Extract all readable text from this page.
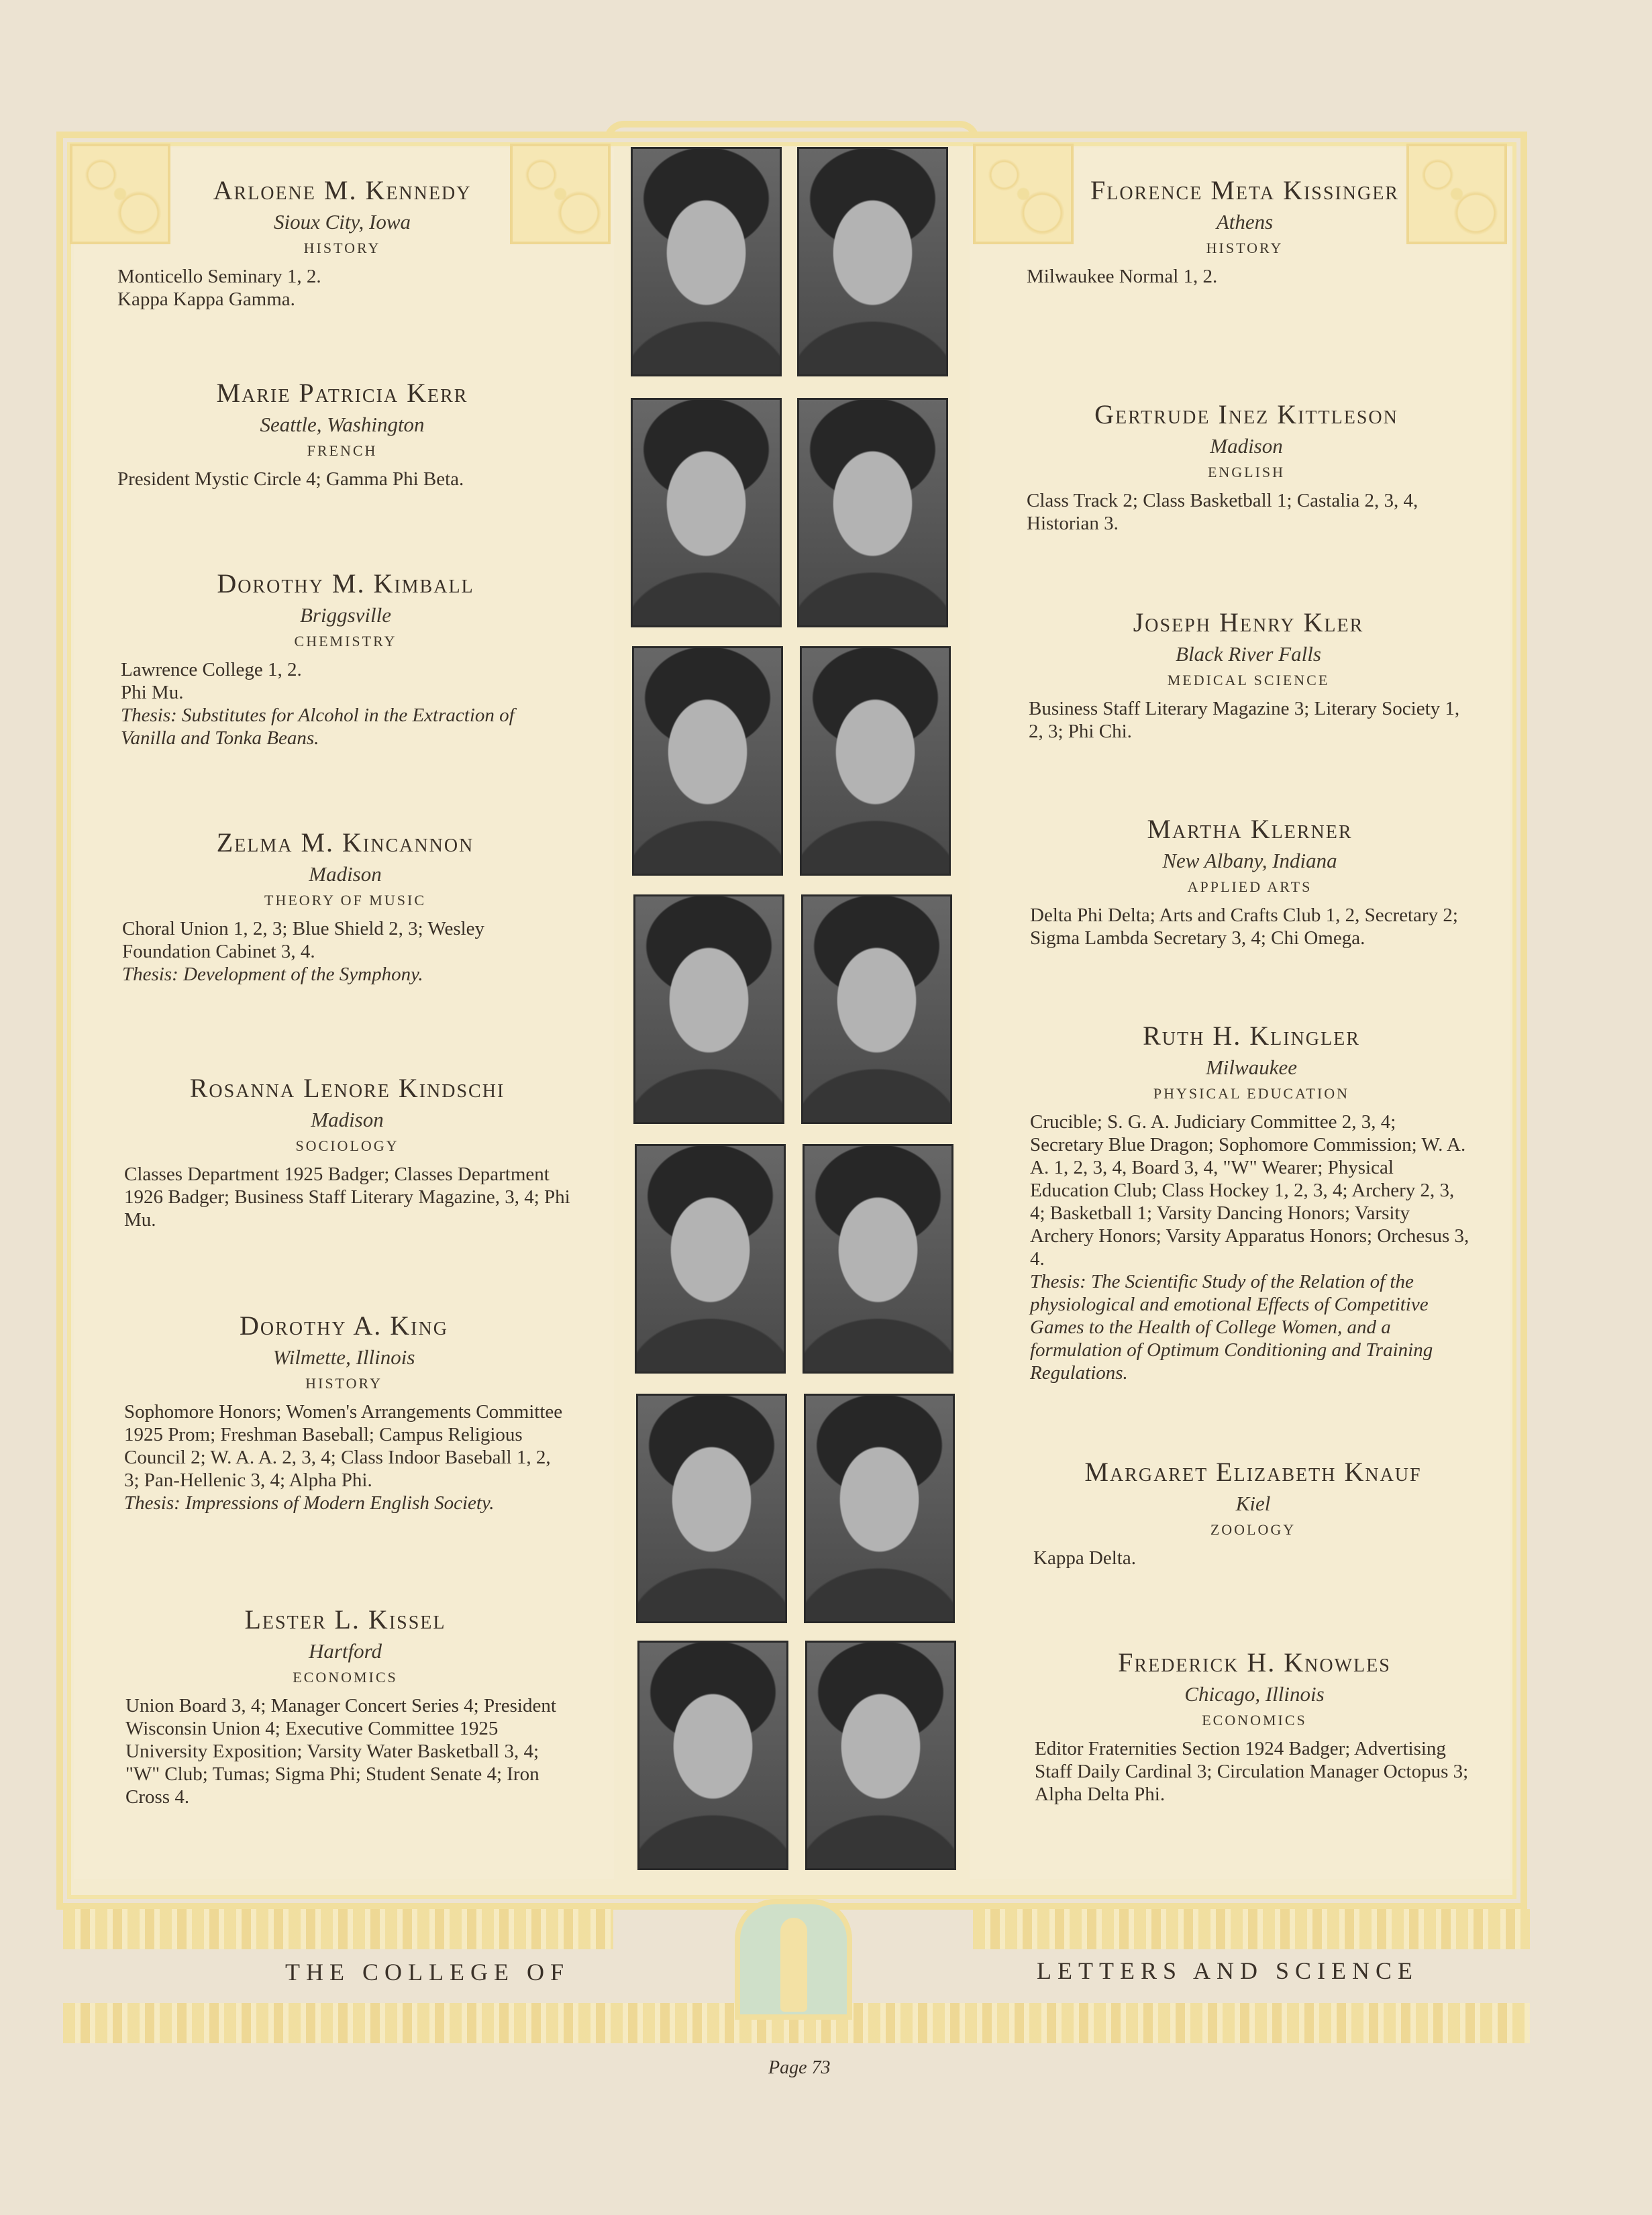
Arloene M. Kennedy
Sioux City, Iowa
HISTORY
Monticello Seminary 1, 2.
Kappa Kappa Gamma.
Marie Patricia Kerr
Seattle, Washington
FRENCH
President Mystic Circle 4; Gamma Phi Beta.
Dorothy M. Kimball
Briggsville
CHEMISTRY
Lawrence College 1, 2.
Phi Mu.
Thesis: Substitutes for Alcohol in the Extraction of Vanilla and Tonka Beans.
Zelma M. Kincannon
Madison
THEORY OF MUSIC
Choral Union 1, 2, 3; Blue Shield 2, 3; Wesley Foundation Cabinet 3, 4.
Thesis: Development of the Symphony.
Rosanna Lenore Kindschi
Madison
SOCIOLOGY
Classes Department 1925 Badger; Classes Department 1926 Badger; Business Staff Literary Magazine, 3, 4; Phi Mu.
Dorothy A. King
Wilmette, Illinois
HISTORY
Sophomore Honors; Women's Arrangements Committee 1925 Prom; Freshman Baseball; Campus Religious Council 2; W. A. A. 2, 3, 4; Class Indoor Baseball 1, 2, 3; Pan-Hellenic 3, 4; Alpha Phi.
Thesis: Impressions of Modern English Society.
Lester L. Kissel
Hartford
ECONOMICS
Union Board 3, 4; Manager Concert Series 4; President Wisconsin Union 4; Executive Committee 1925 University Exposition; Varsity Water Basketball 3, 4; "W" Club; Tumas; Sigma Phi; Student Senate 4; Iron Cross 4.
Florence Meta Kissinger
Athens
HISTORY
Milwaukee Normal 1, 2.
Gertrude Inez Kittleson
Madison
ENGLISH
Class Track 2; Class Basketball 1; Castalia 2, 3, 4, Historian 3.
Joseph Henry Kler
Black River Falls
MEDICAL SCIENCE
Business Staff Literary Magazine 3; Literary Society 1, 2, 3; Phi Chi.
Martha Klerner
New Albany, Indiana
APPLIED ARTS
Delta Phi Delta; Arts and Crafts Club 1, 2, Secretary 2; Sigma Lambda Secretary 3, 4; Chi Omega.
Ruth H. Klingler
Milwaukee
PHYSICAL EDUCATION
Crucible; S. G. A. Judiciary Committee 2, 3, 4; Secretary Blue Dragon; Sophomore Commission; W. A. A. 1, 2, 3, 4, Board 3, 4, "W" Wearer; Physical Education Club; Class Hockey 1, 2, 3, 4; Archery 2, 3, 4; Basketball 1; Varsity Dancing Honors; Varsity Archery Honors; Varsity Apparatus Honors; Orchesus 3, 4.
Thesis: The Scientific Study of the Relation of the physiological and emotional Effects of Competitive Games to the Health of College Women, and a formulation of Optimum Conditioning and Training Regulations.
Margaret Elizabeth Knauf
Kiel
ZOOLOGY
Kappa Delta.
Frederick H. Knowles
Chicago, Illinois
ECONOMICS
Editor Fraternities Section 1924 Badger; Advertising Staff Daily Cardinal 3; Circulation Manager Octopus 3; Alpha Delta Phi.
THE COLLEGE OF	LETTERS AND SCIENCE
Page 73
